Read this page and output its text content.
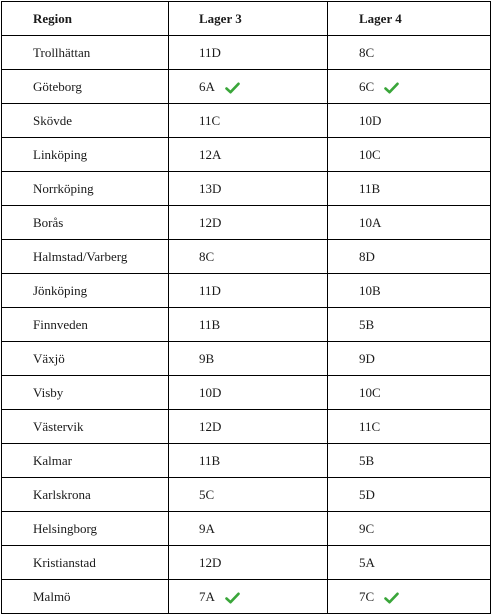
Region	Lager 3	Lager 4

Trollhättan	11D	8C

Göteborg	6A	6C

Skövde	11C	10D

Linköping	12A	10C

Norrköping	13D	11B

Borås	12D	10A

Halmstad/Varberg	8C	8D

Jönköping	11D	10B

Finnveden	11B	5B

Växjö	9B	9D

Visby	10D	10C

Västervik	12D	11C

Kalmar	11B	5B

Karlskrona	5C	5D

Helsingborg	9A	9C

Kristianstad	12D	5A

Malmö	7A	7C
